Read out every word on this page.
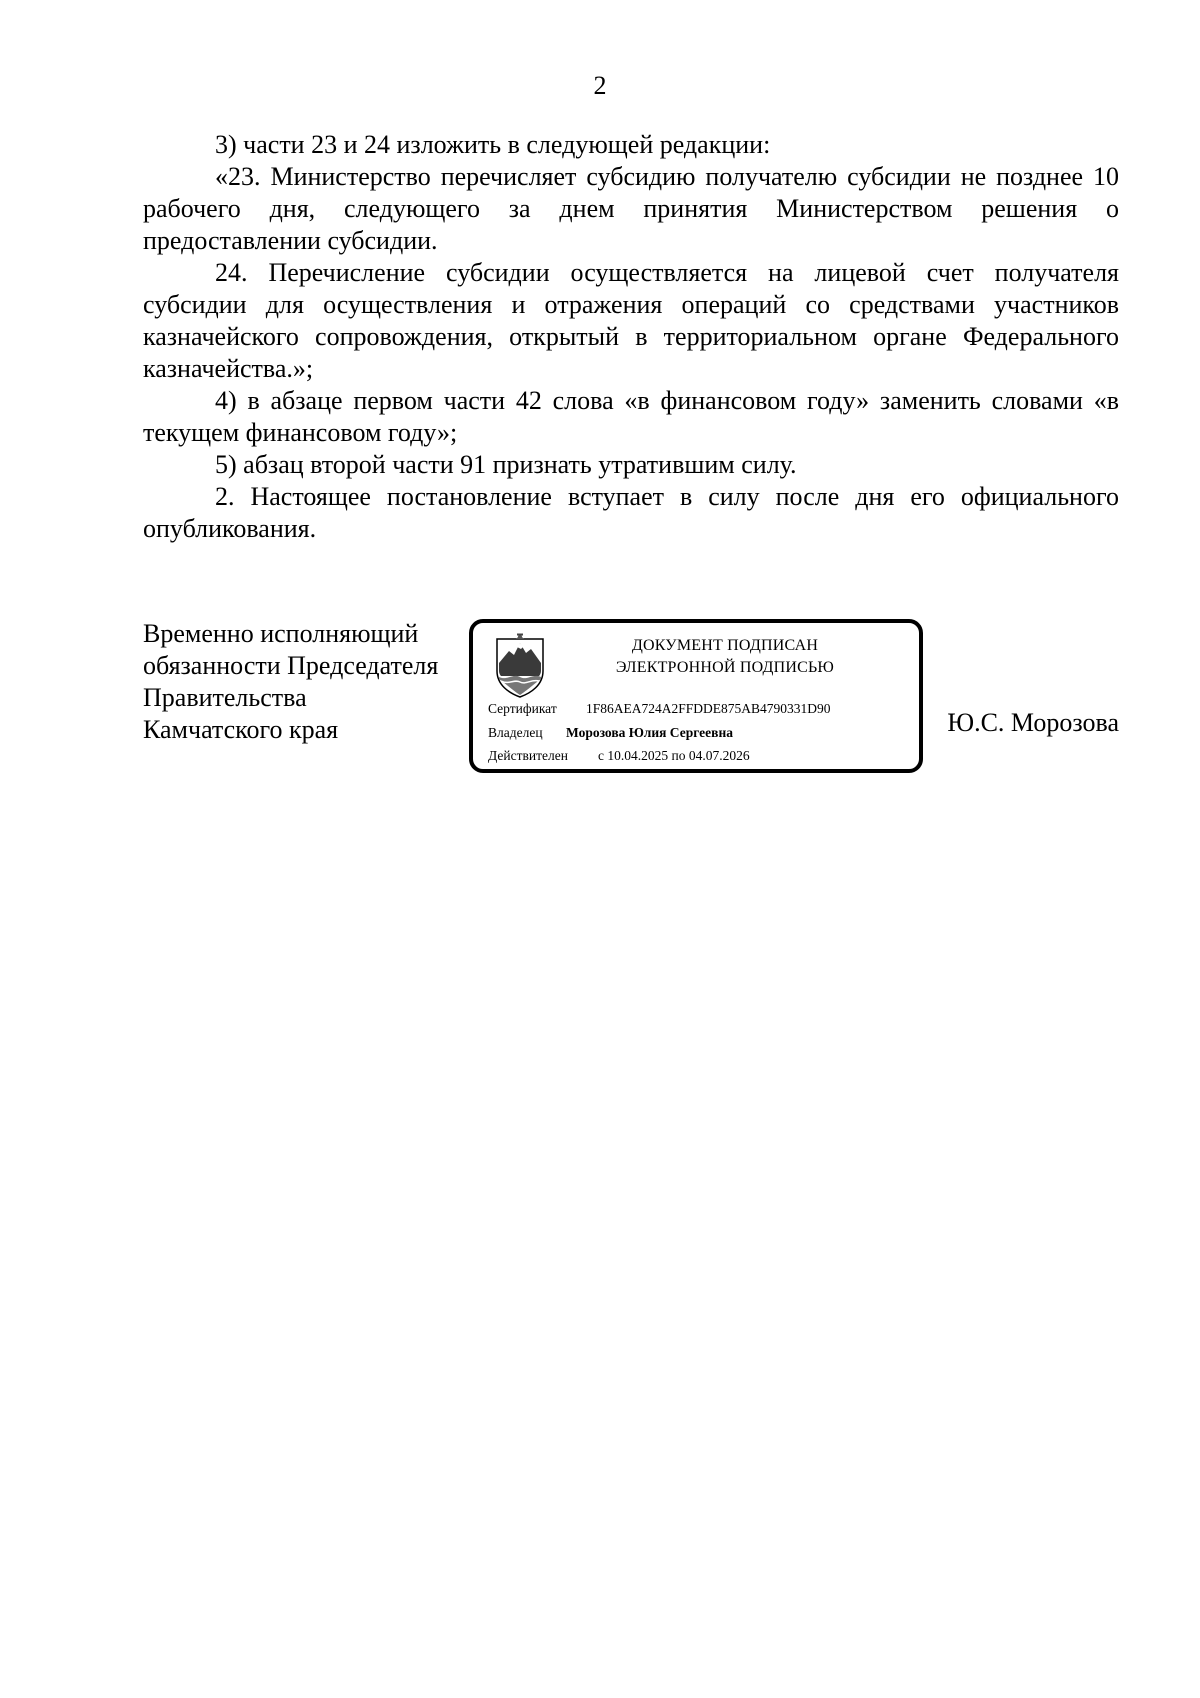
2

3) части 23 и 24 изложить в следующей редакции:

«23. Министерство перечисляет субсидию получателю субсидии не позднее 10 рабочего дня, следующего за днем принятия Министерством решения о предоставлении субсидии.

24. Перечисление субсидии осуществляется на лицевой счет получателя субсидии для осуществления и отражения операций со средствами участников казначейского сопровождения, открытый в территориальном органе Федерального казначейства.»;

4) в абзаце первом части 42 слова «в финансовом году» заменить словами «в текущем финансовом году»;

5) абзац второй части 91 признать утратившим силу.

2. Настоящее постановление вступает в силу после дня его официального опубликования.

Временно исполняющий
обязанности Председателя
Правительства
Камчатского края
ДОКУМЕНТ ПОДПИСАН
ЭЛЕКТРОННОЙ ПОДПИСЬЮ
Сертификат 1F86AEA724A2FFDDE875AB4790331D90
Владелец Морозова Юлия Сергеевна
Действителен с 10.04.2025 по 04.07.2026
Ю.С. Морозова
